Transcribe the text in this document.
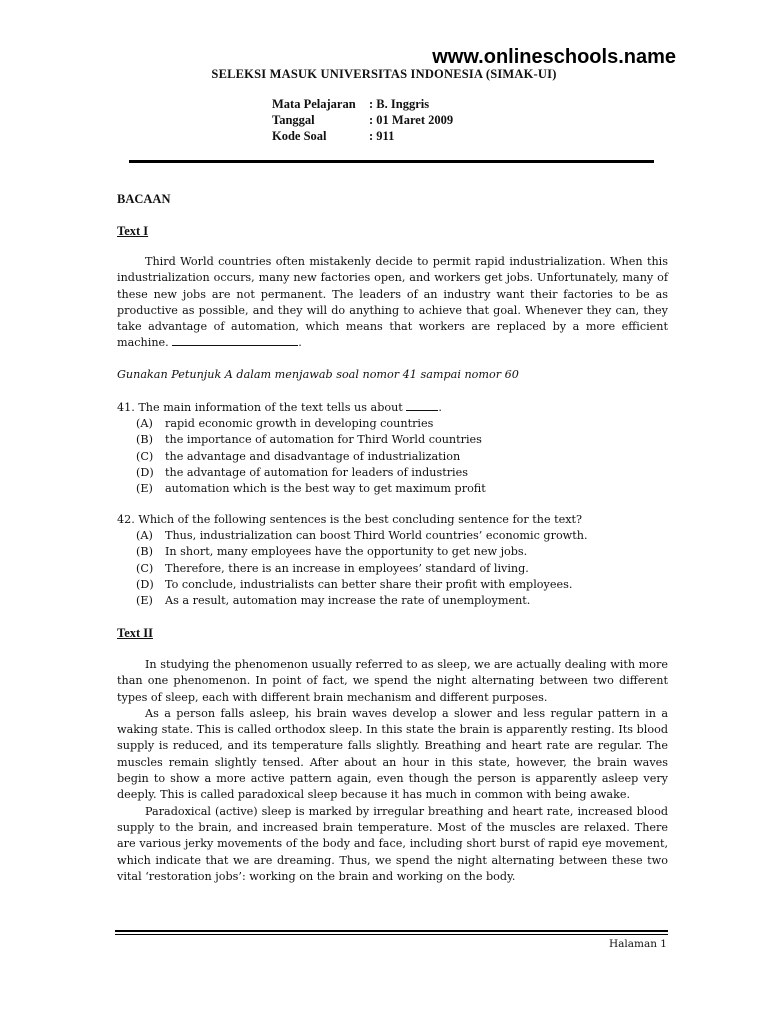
www.onlineschools.name
SELEKSI MASUK UNIVERSITAS INDONESIA (SIMAK-UI)
Mata Pelajaran	: B. Inggris
Tanggal	: 01 Maret 2009
Kode Soal	: 911
BACAAN
Text I

Third World countries often mistakenly decide to permit rapid industrialization. When this industrialization occurs, many new factories open, and workers get jobs. Unfortunately, many of these new jobs are not permanent. The leaders of an industry want their factories to be as productive as possible, and they will do anything to achieve that goal. Whenever they can, they take advantage of automation, which means that workers are replaced by a more efficient machine.	.

Gunakan Petunjuk A dalam menjawab soal nomor 41 sampai nomor 60
41. The main information of the text tells us about	.
(A)	rapid economic growth in developing countries
(B)	the importance of automation for Third World countries
(C)	the advantage and disadvantage of industrialization
(D)	the advantage of automation for leaders of industries
(E)	automation which is the best way to get maximum profit
42. Which of the following sentences is the best concluding sentence for the text?
(A)	Thus, industrialization can boost Third World countries’ economic growth.
(B)	In short, many employees have the opportunity to get new jobs.
(C)	Therefore, there is an increase in employees’ standard of living.
(D)	To conclude, industrialists can better share their profit with employees.
(E)	As a result, automation may increase the rate of unemployment.
Text II

In studying the phenomenon usually referred to as sleep, we are actually dealing with more than one phenomenon. In point of fact, we spend the night alternating between two different types of sleep, each with different brain mechanism and different purposes.

As a person falls asleep, his brain waves develop a slower and less regular pattern in a waking state. This is called orthodox sleep. In this state the brain is apparently resting. Its blood supply is reduced, and its temperature falls slightly. Breathing and heart rate are regular. The muscles remain slightly tensed. After about an hour in this state, however, the brain waves begin to show a more active pattern again, even though the person is apparently asleep very deeply. This is called paradoxical sleep because it has much in common with being awake.

Paradoxical (active) sleep is marked by irregular breathing and heart rate, increased blood supply to the brain, and increased brain temperature. Most of the muscles are relaxed. There are various jerky movements of the body and face, including short burst of rapid eye movement, which indicate that we are dreaming. Thus, we spend the night alternating between these two vital ‘restoration jobs’: working on the brain and working on the body.

Halaman 1
